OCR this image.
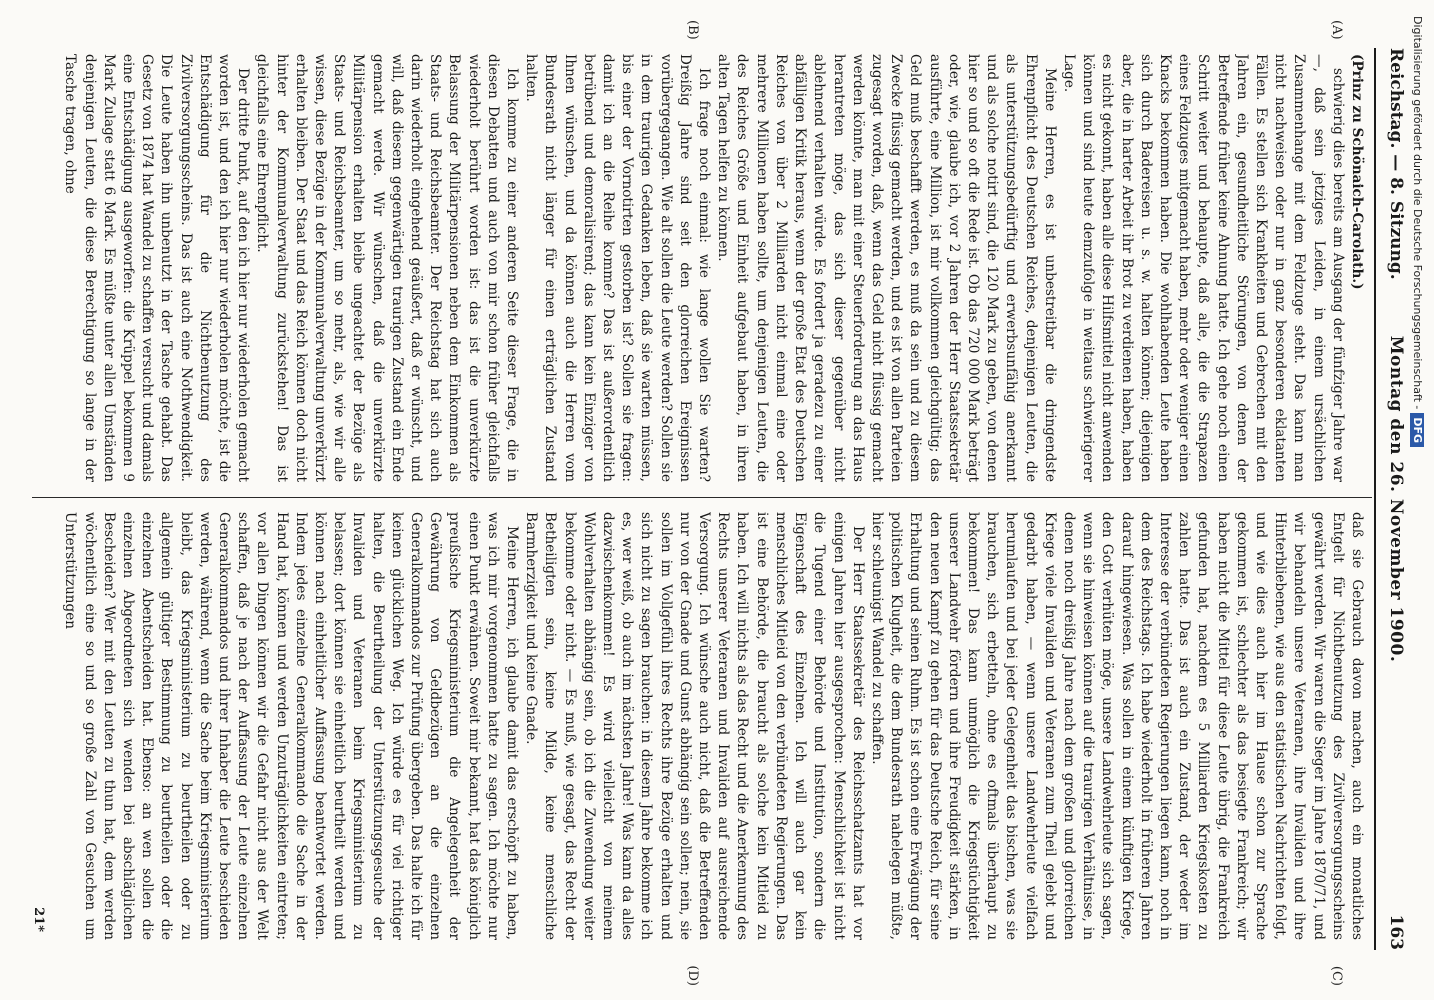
Reichstag. — 8. Sitzung.
Montag den 26. November 1900.
163
(A)
(B)
(C)
(D)

(Prinz zu Schönaich-Carolath.)

schwierig dies bereits am Ausgang der fünfziger Jahre war —, daß sein jetziges Leiden, in einem ursächlichen Zusammenhange mit dem Feldzuge steht. Das kann man nicht nachweisen oder nur in ganz besonderen eklatanten Fällen. Es stellen sich Krankheiten und Gebrechen mit den Jahren ein, gesundheitliche Störungen, von denen der Betreffende früher keine Ahnung hatte. Ich gehe noch einen Schritt weiter und behaupte, daß alle, die die Strapazen eines Feldzuges mitgemacht haben, mehr oder weniger einen Knacks bekommen haben. Die wohlhabenden Leute haben sich durch Badereisen u. s. w. halten können; diejenigen aber, die in harter Arbeit ihr Brot zu verdienen haben, haben es nicht gekonnt, haben alle diese Hilfsmittel nicht anwenden können und sind heute demzufolge in weitaus schwierigerer Lage.

Meine Herren, es ist unbestreitbar die dringendste Ehrenpflicht des Deutschen Reiches, denjenigen Leuten, die als unterstützungsbedürftig und erwerbsunfähig anerkannt und als solche notirt sind, die 120 Mark zu geben, von denen hier so und so oft die Rede ist. Ob das 720 000 Mark beträgt oder, wie, glaube ich, vor 2 Jahren der Herr Staatssekretär ausführte, eine Million, ist mir vollkommen gleichgültig; das Geld muß beschafft werden, es muß da sein und zu diesem Zwecke flüssig gemacht werden, und es ist von allen Parteien zugesagt worden, daß, wenn das Geld nicht flüssig gemacht werden könnte, man mit einer Steuerforderung an das Haus herantreten möge, das sich dieser gegenüber nicht ablehnend verhalten würde. Es fordert ja geradezu zu einer abfälligen Kritik heraus, wenn der große Etat des Deutschen Reiches von über 2 Milliarden nicht einmal eine oder mehrere Millionen haben sollte, um denjenigen Leuten, die des Reiches Größe und Einheit aufgebaut haben, in ihren alten Tagen helfen zu können.

Ich frage noch einmal: wie lange wollen Sie warten? Dreißig Jahre sind seit den glorreichen Ereignissen vorübergegangen. Wie alt sollen die Leute werden? Sollen sie in dem traurigen Gedanken leben, daß sie warten müssen, bis einer der Vornotirten gestorben ist? Sollen sie fragen: damit ich an die Reihe komme? Das ist außerordentlich betrübend und demoralisirend; das kann kein Einziger von Ihnen wünschen, und da können auch die Herren vom Bundesrath nicht länger für einen erträglichen Zustand halten.

Ich komme zu einer anderen Seite dieser Frage, die in diesen Debatten und auch von mir schon früher gleichfalls wiederholt berührt worden ist: das ist die unverkürzte Belassung der Militärpensionen neben dem Einkommen als Staats- und Reichsbeamter. Der Reichstag hat sich auch darin wiederholt eingehend geäußert, daß er wünscht, und will, daß diesem gegenwärtigen traurigen Zustand ein Ende gemacht werde. Wir wünschen, daß die unverkürzte Militärpension erhalten bleibe ungeachtet der Bezüge als Staats- und Reichsbeamter, um so mehr, als, wie wir alle wissen, diese Bezüge in der Kommunalverwaltung unverkürzt erhalten bleiben. Der Staat und das Reich können doch nicht hinter der Kommunalverwaltung zurückstehen! Das ist gleichfalls eine Ehrenpflicht.

Der dritte Punkt, auf den ich hier nur wiederholen gemacht worden ist, und den ich hier nur wiederholen möchte, ist die Entschädigung für die Nichtbenutzung des Zivilversorgungsscheins. Das ist auch eine Nothwendigkeit. Die Leute haben ihn unbenutzt in der Tasche gehabt. Das Gesetz von 1874 hat Wandel zu schaffen versucht und damals eine Entschädigung ausgeworfen: die Krüppel bekommen 9 Mark Zulage statt 6 Mark. Es müßte unter allen Umständen denjenigen Leuten, die diese Berechtigung so lange in der Tasche tragen, ohne

daß sie Gebrauch davon machen, auch ein monatliches Entgelt für Nichtbenutzung des Zivilversorgungsscheins gewährt werden. Wir waren die Sieger im Jahre 1870/71, und wir behandeln unsere Veteranen, ihre Invaliden und ihre Hinterbliebenen, wie aus den statistischen Nachrichten folgt, und wie dies auch hier im Hause schon zur Sprache gekommen ist, schlechter als das besiegte Frankreich; wir haben nicht die Mittel für diese Leute übrig, die Frankreich gefunden hat, nachdem es 5 Milliarden Kriegskosten zu zahlen hatte. Das ist auch ein Zustand, der weder im Interesse der verbündeten Regierungen liegen kann, noch in dem des Reichstags. Ich habe wiederholt in früheren Jahren darauf hingewiesen. Was sollen in einem künftigen Kriege, den Gott verhüten möge, unsere Landwehrleute sich sagen, wenn sie hinweisen können auf die traurigen Verhältnisse, in denen noch dreißig Jahre nach dem großen und glorreichen Kriege viele Invaliden und Veteranen zum Theil gelebt und gedarbt haben, — wenn unsere Landwehrleute vielfach herumlaufen und bei jeder Gelegenheit das bischen, was sie brauchen, sich erbetteln, ohne es oftmals überhaupt zu bekommen! Das kann unmöglich die Kriegstüchtigkeit unserer Landwehr fördern und ihre Freudigkeit stärken, in den neuen Kampf zu gehen für das Deutsche Reich, für seine Erhaltung und seinen Ruhm. Es ist schon eine Erwägung der politischen Klugheit, die dem Bundesrath nahelegen müßte, hier schleunigst Wandel zu schaffen.

Der Herr Staatssekretär des Reichsschatzamts hat vor einigen Jahren hier ausgesprochen: Menschlichkeit ist nicht die Tugend einer Behörde und Institution, sondern die Eigenschaft des Einzelnen. Ich will auch gar kein menschliches Mitleid von den verbündeten Regierungen. Das ist eine Behörde, die braucht als solche kein Mitleid zu haben. Ich will nichts als das Recht und die Anerkennung des Rechts unserer Veteranen und Invaliden auf ausreichende Versorgung. Ich wünsche auch nicht, daß die Betreffenden nur von der Gnade und Gunst abhängig sein sollen; nein, sie sollen im Vollgefühl ihres Rechts ihre Bezüge erhalten und sich nicht zu sagen brauchen: in diesem Jahre bekomme ich es, wer weiß, ob auch im nächsten Jahre! Was kann da alles dazwischenkommen! Es wird vielleicht von meinem Wohlverhalten abhängig sein, ob ich die Zuwendung weiter bekomme oder nicht. — Es muß, wie gesagt, das Recht der Betheiligten sein, keine Milde, keine menschliche Barmherzigkeit und keine Gnade.

Meine Herren, ich glaube damit das erschöpft zu haben, was ich mir vorgenommen hatte zu sagen. Ich möchte nur einen Punkt erwähnen. Soweit mir bekannt, hat das königlich preußische Kriegsministerium die Angelegenheit der Gewährung von Geldbezügen an die einzelnen Generalkommandos zur Prüfung übergeben. Das halte ich für keinen glücklichen Weg. Ich würde es für viel richtiger halten, die Beurtheilung der Unterstützungsgesuche der Invaliden und Veteranen beim Kriegsministerium zu belassen; dort können sie einheitlich beurtheilt werden und können nach einheitlicher Auffassung beantwortet werden. Indem jedes einzelne Generalkommando die Sache in der Hand hat, können und werden Unzuträglichkeiten eintreten; vor allen Dingen können wir die Gefahr nicht aus der Welt schaffen, daß je nach der Auffassung der Leute einzelnen Generalkommandos und ihrer Inhaber die Leute beschieden werden, während, wenn die Sache beim Kriegsministerium bleibt, das Kriegsministerium zu beurtheilen oder zu allgemein gültiger Bestimmung zu beurtheilen oder die einzelnen Abentscheiden hat. Ebenso: an wen sollen die einzelnen Abgeordneten sich wenden bei abschläglichen Bescheiden? Wer mit den Leuten zu thun hat, dem werden wöchentlich eine so und so große Zahl von Gesuchen um Unterstützungen

21*
Digitalisierung gefördert durch die Deutsche Forschungsgemeinschaft -DFG
